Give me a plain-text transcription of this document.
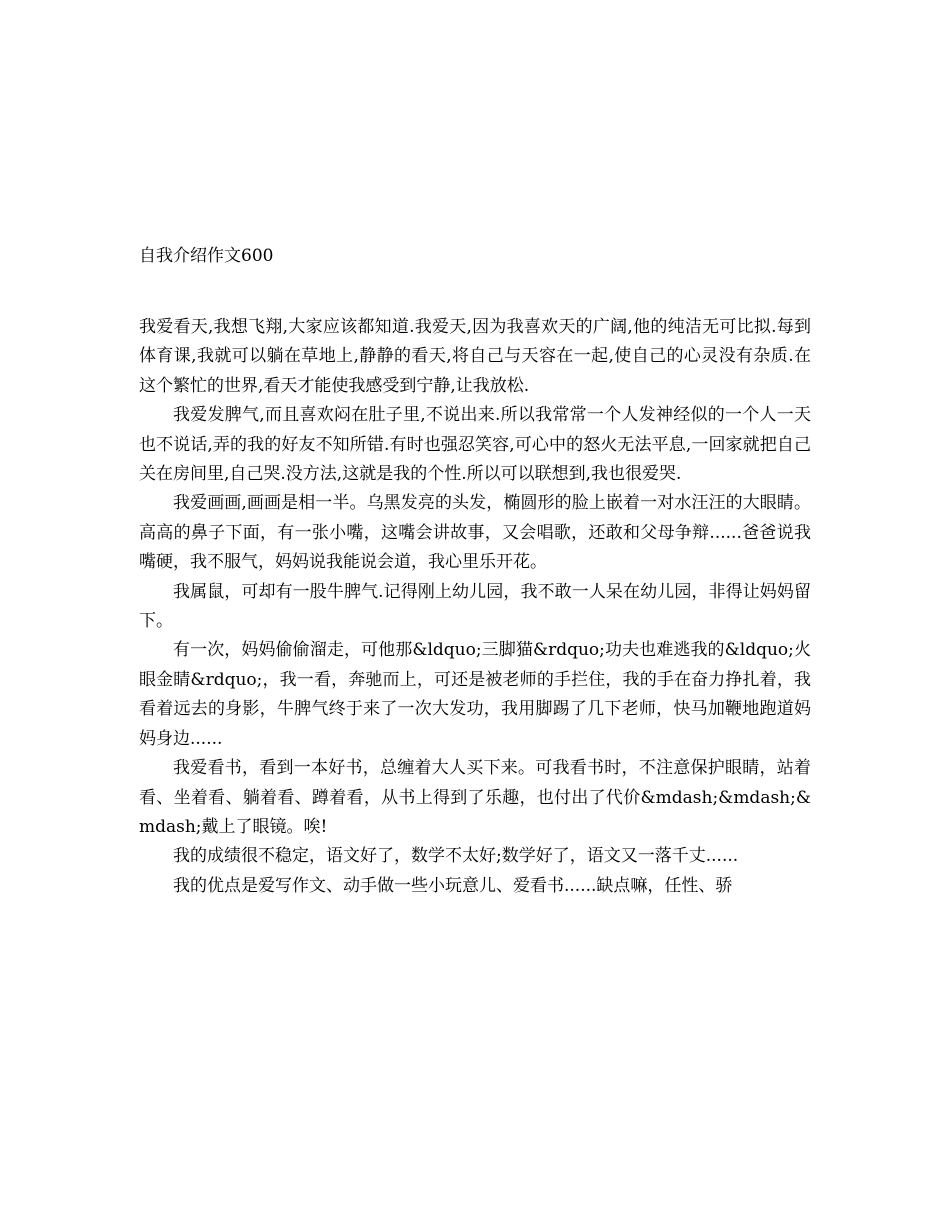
自我介绍作文600

我爱看天,我想飞翔,大家应该都知道.我爱天,因为我喜欢天的广阔,他的纯洁无可比拟.每到体育课,我就可以躺在草地上,静静的看天,将自己与天容在一起,使自己的心灵没有杂质.在这个繁忙的世界,看天才能使我感受到宁静,让我放松.

我爱发脾气,而且喜欢闷在肚子里,不说出来.所以我常常一个人发神经似的一个人一天也不说话,弄的我的好友不知所错.有时也强忍笑容,可心中的怒火无法平息,一回家就把自己关在房间里,自己哭.没方法,这就是我的个性.所以可以联想到,我也很爱哭.

我爱画画,画画是相一半。乌黑发亮的头发，椭圆形的脸上嵌着一对水汪汪的大眼睛。高高的鼻子下面，有一张小嘴，这嘴会讲故事，又会唱歌，还敢和父母争辩......爸爸说我嘴硬，我不服气，妈妈说我能说会道，我心里乐开花。

我属鼠，可却有一股牛脾气.记得刚上幼儿园，我不敢一人呆在幼儿园，非得让妈妈留下。

有一次，妈妈偷偷溜走，可他那&ldquo;三脚猫&rdquo;功夫也难逃我的&ldquo;火眼金睛&rdquo;，我一看，奔驰而上，可还是被老师的手拦住，我的手在奋力挣扎着，我看着远去的身影，牛脾气终于来了一次大发功，我用脚踢了几下老师，快马加鞭地跑道妈妈身边......

我爱看书，看到一本好书，总缠着大人买下来。可我看书时，不注意保护眼睛，站着看、坐着看、躺着看、蹲着看，从书上得到了乐趣，也付出了代价&mdash;&mdash;&mdash;戴上了眼镜。唉!

我的成绩很不稳定，语文好了，数学不太好;数学好了，语文又一落千丈......

我的优点是爱写作文、动手做一些小玩意儿、爱看书......缺点嘛，任性、骄
